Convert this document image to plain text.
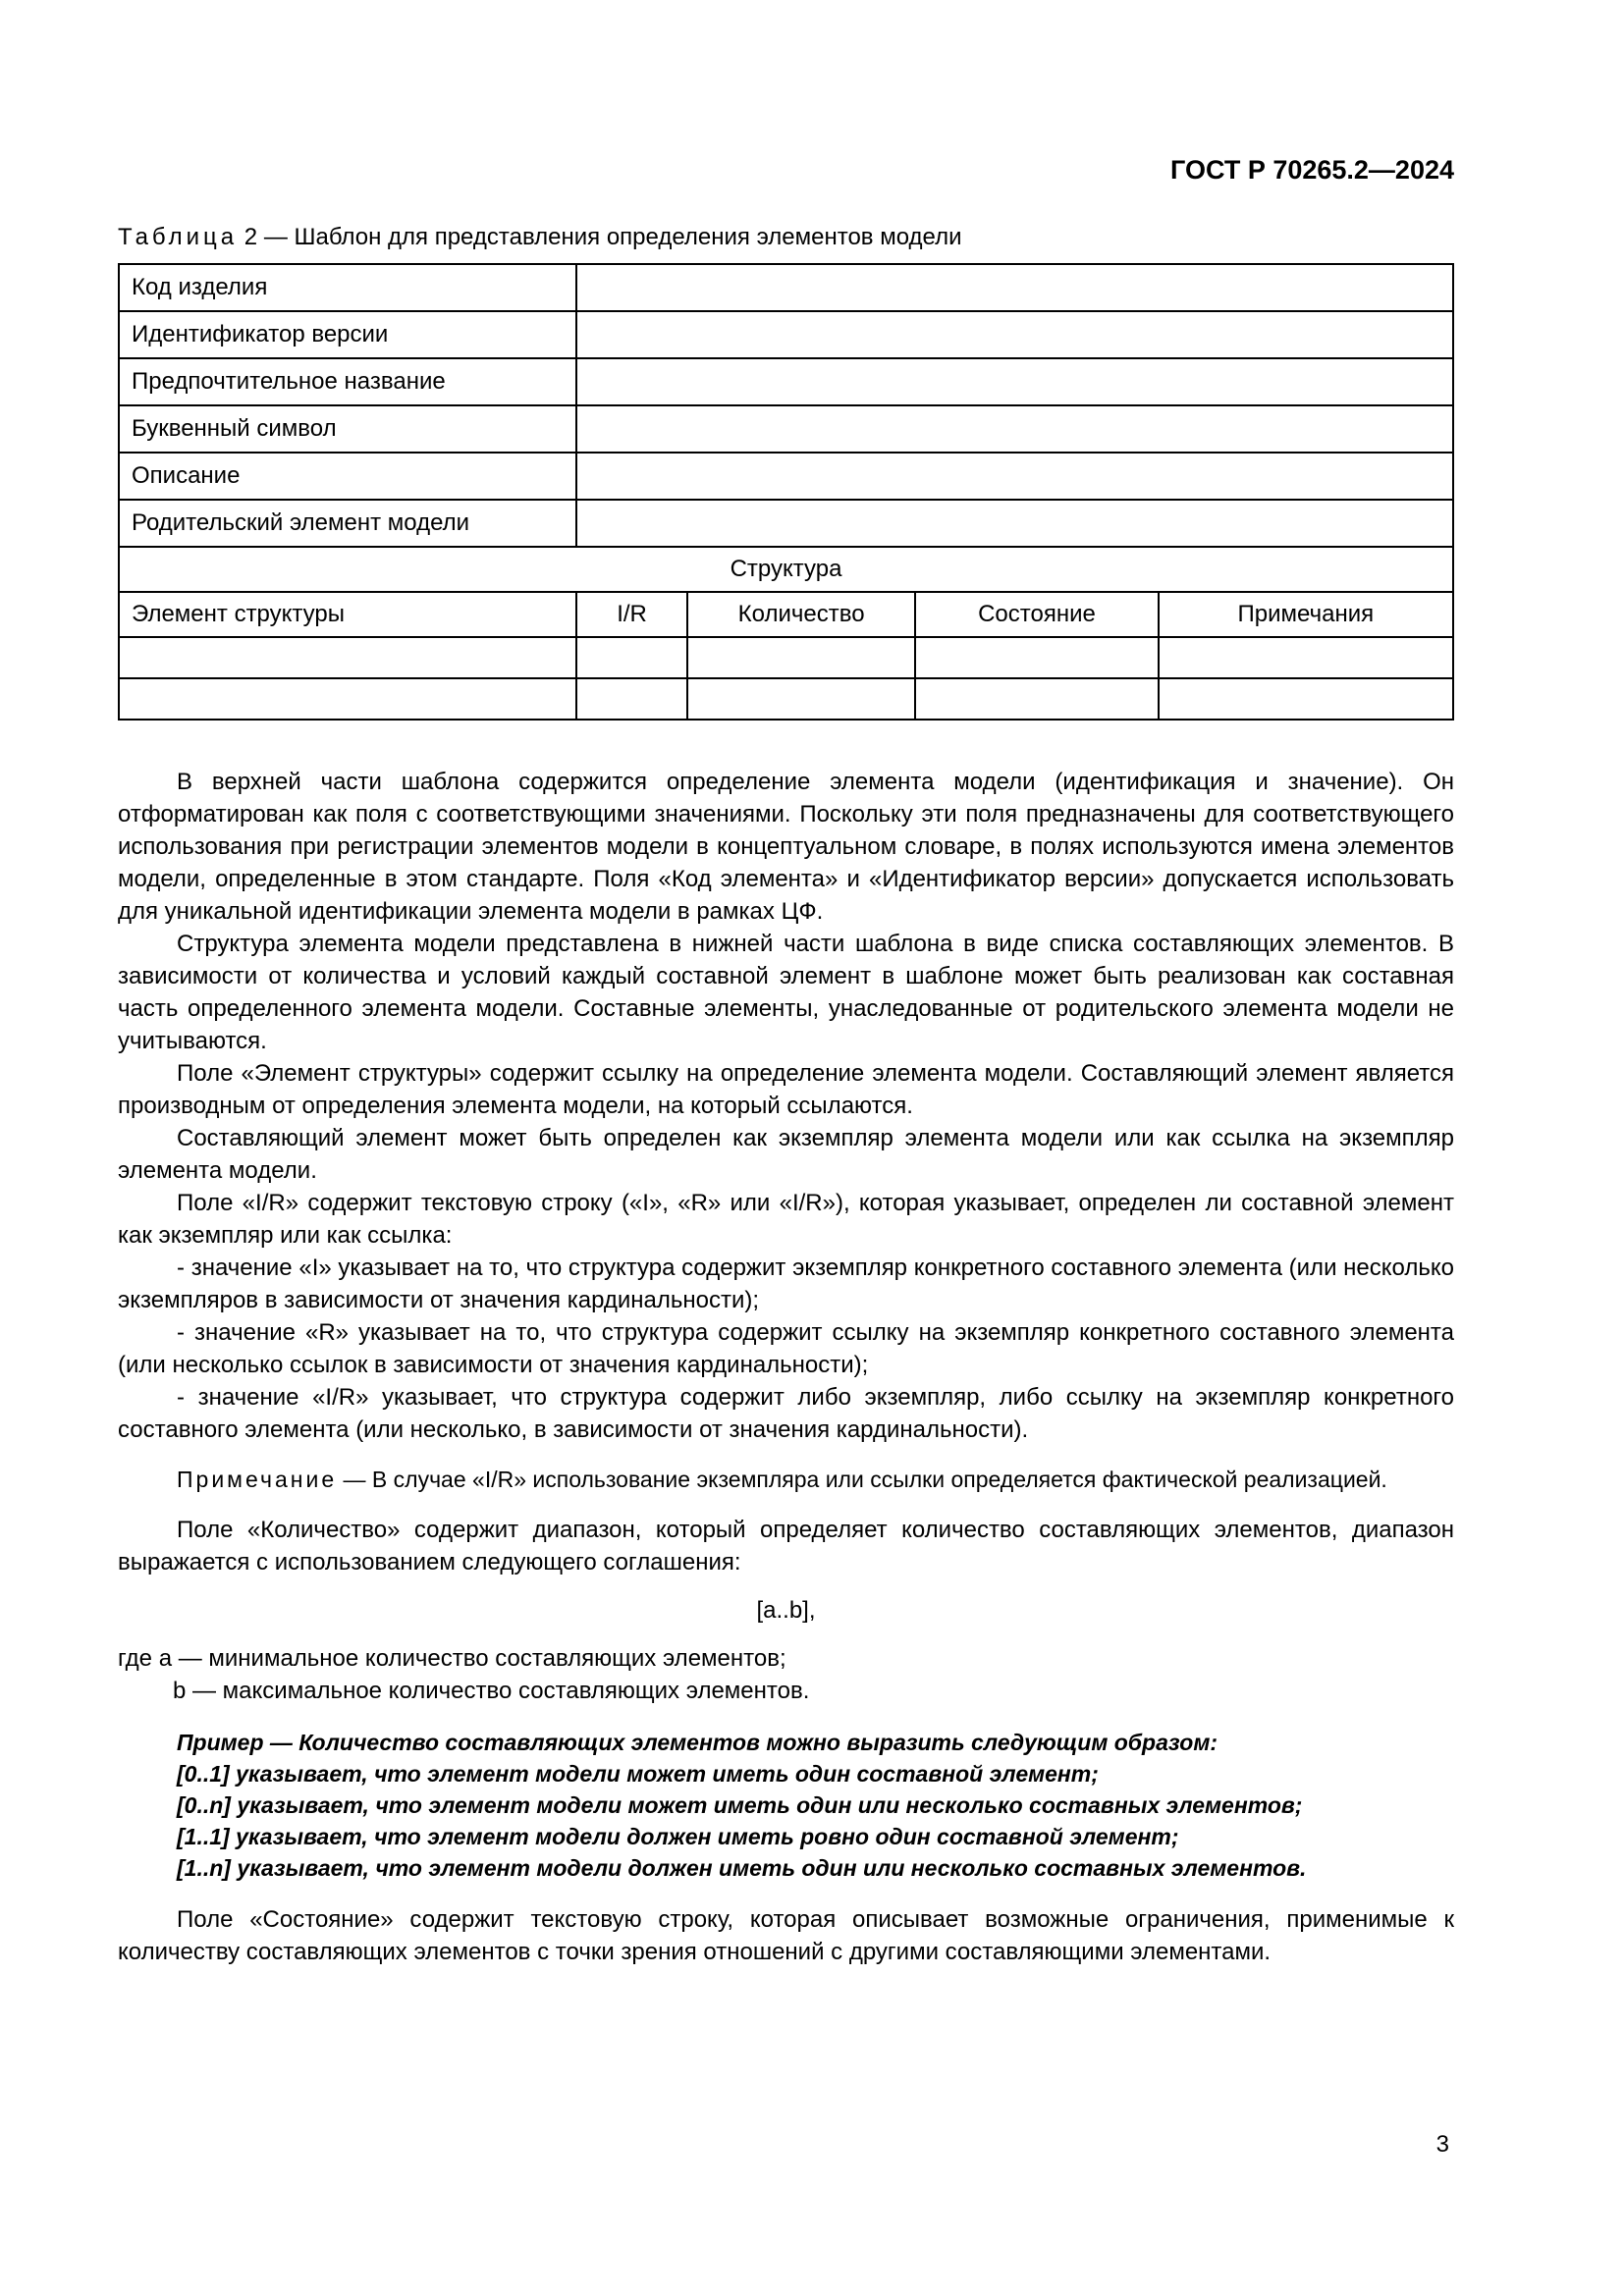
ГОСТ Р 70265.2—2024
Таблица 2 — Шаблон для представления определения элементов модели
Код изделия				
Идентификатор версии				
Предпочтительное название				
Буквенный символ				
Описание				
Родительский элемент модели				
Структура				
Элемент структуры	I/R	Количество	Состояние	Примечания

В верхней части шаблона содержится определение элемента модели (идентификация и значение). Он отформатирован как поля с соответствующими значениями. Поскольку эти поля предназначены для соответствующего использования при регистрации элементов модели в концептуальном словаре, в полях используются имена элементов модели, определенные в этом стандарте. Поля «Код элемента» и «Идентификатор версии» допускается использовать для уникальной идентификации элемента модели в рамках ЦФ.

Структура элемента модели представлена в нижней части шаблона в виде списка составляющих элементов. В зависимости от количества и условий каждый составной элемент в шаблоне может быть реализован как составная часть определенного элемента модели. Составные элементы, унаследованные от родительского элемента модели не учитываются.

Поле «Элемент структуры» содержит ссылку на определение элемента модели. Составляющий элемент является производным от определения элемента модели, на который ссылаются.

Составляющий элемент может быть определен как экземпляр элемента модели или как ссылка на экземпляр элемента модели.

Поле «I/R» содержит текстовую строку («I», «R» или «I/R»), которая указывает, определен ли составной элемент как экземпляр или как ссылка:

- значение «I» указывает на то, что структура содержит экземпляр конкретного составного элемента (или несколько экземпляров в зависимости от значения кардинальности);

- значение «R» указывает на то, что структура содержит ссылку на экземпляр конкретного составного элемента (или несколько ссылок в зависимости от значения кардинальности);

- значение «I/R» указывает, что структура содержит либо экземпляр, либо ссылку на экземпляр конкретного составного элемента (или несколько, в зависимости от значения кардинальности).

Примечание — В случае «I/R» использование экземпляра или ссылки определяется фактической реализацией.

Поле «Количество» содержит диапазон, который определяет количество составляющих элементов, диапазон выражается с использованием следующего соглашения:

[a..b],
где a — минимальное количество составляющих элементов;
b — максимальное количество составляющих элементов.
Пример — Количество составляющих элементов можно выразить следующим образом:
[0..1] указывает, что элемент модели может иметь один составной элемент;
[0..n] указывает, что элемент модели может иметь один или несколько составных элементов;
[1..1] указывает, что элемент модели должен иметь ровно один составной элемент;
[1..n] указывает, что элемент модели должен иметь один или несколько составных элементов.

Поле «Состояние» содержит текстовую строку, которая описывает возможные ограничения, применимые к количеству составляющих элементов с точки зрения отношений с другими составляющими элементами.

3
